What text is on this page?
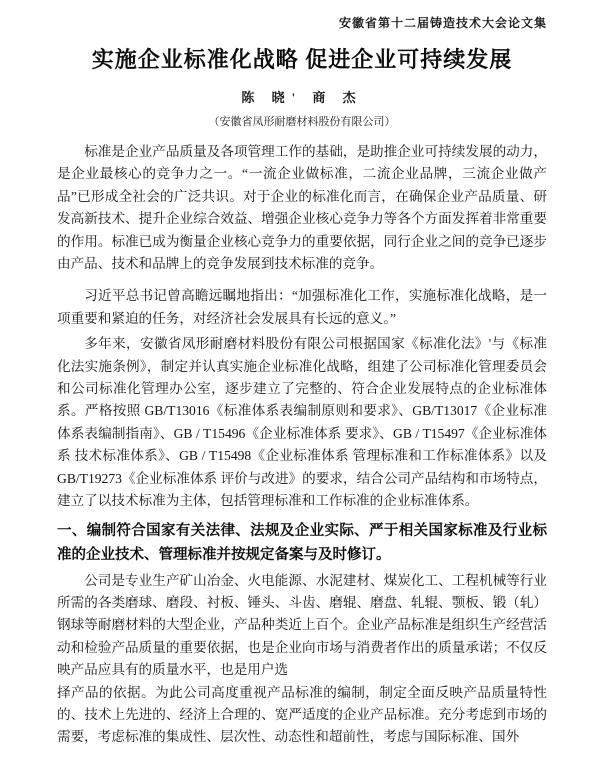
安徽省第十二届铸造技术大会论文集
实施企业标准化战略 促进企业可持续发展
陈 晓' 商 杰
（安徽省凤形耐磨材料股份有限公司）

标准是企业产品质量及各项管理工作的基础，是助推企业可持续发展的动力，是企业最核心的竞争力之一。“一流企业做标准，二流企业品牌，三流企业做产品”已形成全社会的广泛共识。对于企业的标准化而言，在确保企业产品质量、研发高新技术、提升企业综合效益、增强企业核心竞争力等各个方面发挥着非常重要的作用。标准已成为衡量企业核心竞争力的重要依据，同行企业之间的竞争已逐步由产品、技术和品牌上的竞争发展到技术标准的竞争。

习近平总书记曾高瞻远瞩地指出：“加强标准化工作，实施标准化战略，是一项重要和紧迫的任务，对经济社会发展具有长远的意义。”

多年来，安徽省凤形耐磨材料股份有限公司根据国家《标准化法》'与《标准化法实施条例》，制定并认真实施企业标准化战略，组建了公司标准化管理委员会和公司标准化管理办公室，逐步建立了完整的、符合企业发展特点的企业标准体系。严格按照 GB/T13016《标准体系表编制原则和要求》、GB/T13017《企业标准体系表编制指南》、GB / T15496《企业标准体系 要求》、GB / T15497《企业标准体系 技术标准体系》、GB / T15498《企业标准体系 管理标准和工作标准体系》以及 GB/T19273《企业标准体系 评价与改进》的要求，结合公司产品结构和市场特点，建立了以技术标准为主体，包括管理标准和工作标准的企业标准体系。

一、编制符合国家有关法律、法规及企业实际、严于相关国家标准及行业标准的企业技术、管理标准并按规定备案与及时修订。

公司是专业生产矿山冶金、火电能源、水泥建材、煤炭化工、工程机械等行业所需的各类磨球、磨段、衬板、锤头、斗齿、磨辊、磨盘、轧辊、颚板、锻（轧）钢球等耐磨材料的大型企业，产品种类近上百个。企业产品标准是组织生产经营活动和检验产品质量的重要依据，也是企业向市场与消费者作出的质量承诺；不仅反映产品应具有的质量水平，也是用户选

择产品的依据。为此公司高度重视产品标准的编制，制定全面反映产品质量特性的、技术上先进的、经济上合理的、宽严适度的企业产品标准。充分考虑到市场的需要，考虑标准的集成性、层次性、动态性和超前性，考虑与国际标准、国外
